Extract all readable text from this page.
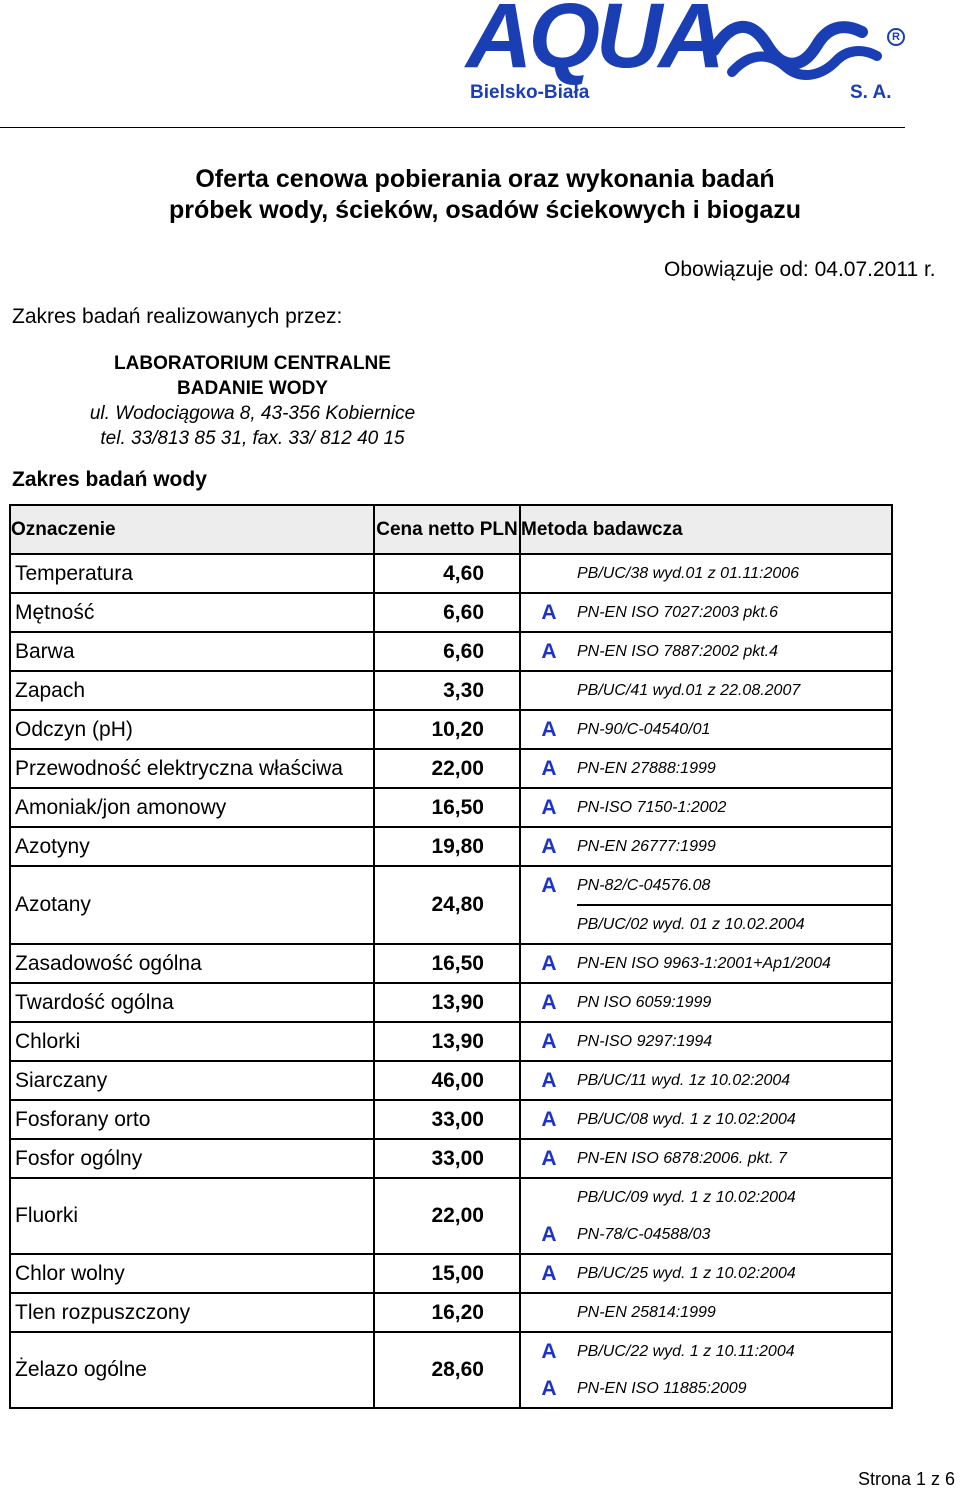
AQUA	R
Bielsko-Biała	S. A.
Oferta cenowa pobierania oraz wykonania badań
próbek wody, ścieków, osadów ściekowych i biogazu
Obowiązuje od: 04.07.2011 r.
Zakres badań realizowanych przez:
LABORATORIUM CENTRALNE
BADANIE WODY
ul. Wodociągowa 8, 43-356 Kobiernice
tel. 33/813 85 31, fax. 33/ 812 40 15
Zakres badań wody
Oznaczenie	Cena netto PLN	Metoda badawcza
Temperatura	4,60	PB/UC/38 wyd.01 z 01.11:2006

Mętność	6,60	A PN-EN ISO 7027:2003 pkt.6

Barwa	6,60	A PN-EN ISO 7887:2002 pkt.4

Zapach	3,30	PB/UC/41 wyd.01 z 22.08.2007

Odczyn (pH)	10,20	A PN-90/C-04540/01

Przewodność elektryczna właściwa	22,00	A PN-EN 27888:1999

Amoniak/jon amonowy	16,50	A PN-ISO 7150-1:2002

Azotyny	19,80	A PN-EN 26777:1999

Azotany	24,80	A PN-82/C-04576.08
PB/UC/02 wyd. 01 z 10.02.2004

Zasadowość ogólna	16,50	A PN-EN ISO 9963-1:2001+Ap1/2004

Twardość ogólna	13,90	A PN ISO 6059:1999

Chlorki	13,90	A PN-ISO 9297:1994

Siarczany	46,00	A PB/UC/11 wyd. 1z 10.02:2004

Fosforany orto	33,00	A PB/UC/08 wyd. 1 z 10.02:2004

Fosfor ogólny	33,00	A PN-EN ISO 6878:2006. pkt. 7

Fluorki	22,00	PB/UC/09 wyd. 1 z 10.02:2004
A PN-78/C-04588/03

Chlor wolny	15,00	A PB/UC/25 wyd. 1 z 10.02:2004

Tlen rozpuszczony	16,20	PN-EN 25814:1999

Żelazo ogólne	28,60	A PB/UC/22 wyd. 1 z 10.11:2004
A PN-EN ISO 11885:2009
Strona 1 z 6
